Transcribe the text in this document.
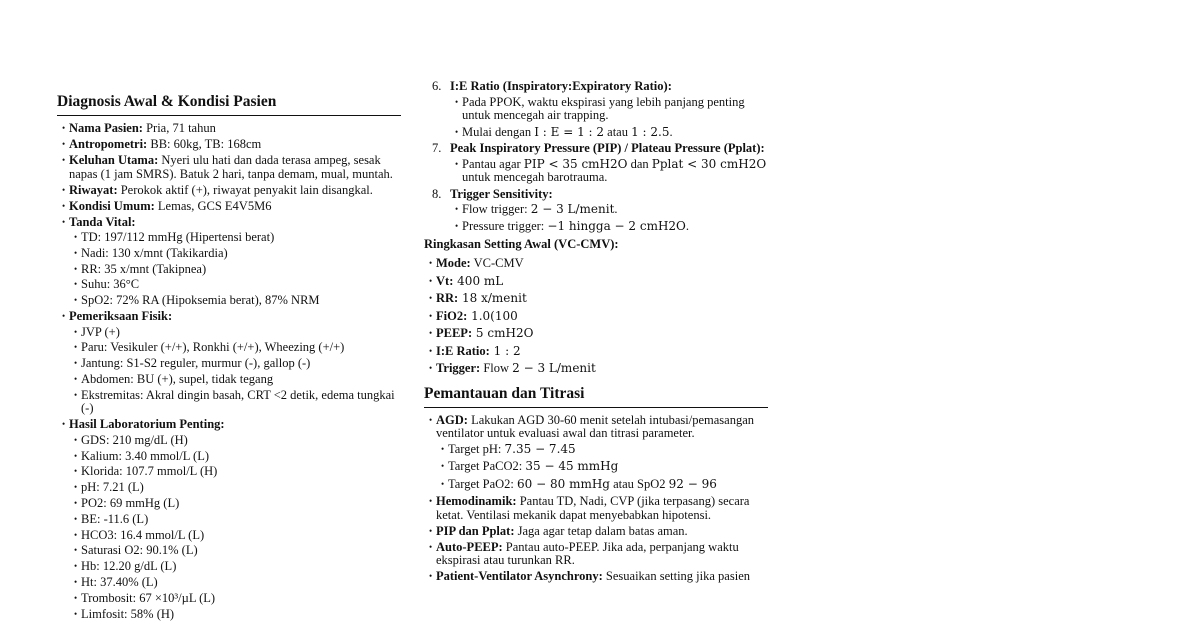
Diagnosis Awal & Kondisi Pasien
• Nama Pasien: Pria, 71 tahun
• Antropometri: BB: 60kg, TB: 168cm
• Keluhan Utama: Nyeri ulu hati dan dada terasa ampeg, sesak napas (1 jam SMRS). Batuk 2 hari, tanpa demam, mual, muntah.
• Riwayat: Perokok aktif (+), riwayat penyakit lain disangkal.
• Kondisi Umum: Lemas, GCS E4V5M6
• Tanda Vital:
• TD: 197/112 mmHg (Hipertensi berat)
• Nadi: 130 x/mnt (Takikardia)
• RR: 35 x/mnt (Takipnea)
• Suhu: 36°C
• SpO2: 72% RA (Hipoksemia berat), 87% NRM
• Pemeriksaan Fisik:
• JVP (+)
• Paru: Vesikuler (+/+), Ronkhi (+/+), Wheezing (+/+)
• Jantung: S1-S2 reguler, murmur (-), gallop (-)
• Abdomen: BU (+), supel, tidak tegang
• Ekstremitas: Akral dingin basah, CRT <2 detik, edema tungkai (-)
• Hasil Laboratorium Penting:
• GDS: 210 mg/dL (H)
• Kalium: 3.40 mmol/L (L)
• Klorida: 107.7 mmol/L (H)
• pH: 7.21 (L)
• PO2: 69 mmHg (L)
• BE: -11.6 (L)
• HCO3: 16.4 mmol/L (L)
• Saturasi O2: 90.1% (L)
• Hb: 12.20 g/dL (L)
• Ht: 37.40% (L)
• Trombosit: 67 ×10³/µL (L)
• Limfosit: 58% (H)
6. I:E Ratio (Inspiratory:Expiratory Ratio):
• Pada PPOK, waktu ekspirasi yang lebih panjang penting untuk mencegah air trapping.
• Mulai dengan I : E = 1 : 2 atau 1 : 2.5.
7. Peak Inspiratory Pressure (PIP) / Plateau Pressure (Pplat):
• Pantau agar PIP < 35 cmH2O dan Pplat < 30 cmH2O untuk mencegah barotrauma.
8. Trigger Sensitivity:
• Flow trigger: 2 − 3 L/menit.
• Pressure trigger: −1 hingga − 2 cmH2O.
Ringkasan Setting Awal (VC-CMV):
• Mode: VC-CMV
• Vt: 400 mL
• RR: 18 x/menit
• FiO2: 1.0(100
• PEEP: 5 cmH2O
• I:E Ratio: 1 : 2
• Trigger: Flow 2 − 3 L/menit
Pemantauan dan Titrasi
• AGD: Lakukan AGD 30-60 menit setelah intubasi/pemasangan ventilator untuk evaluasi awal dan titrasi parameter.
• Target pH: 7.35 − 7.45
• Target PaCO2: 35 − 45 mmHg
• Target PaO2: 60 − 80 mmHg atau SpO2 92 − 96
• Hemodinamik: Pantau TD, Nadi, CVP (jika terpasang) secara ketat. Ventilasi mekanik dapat menyebabkan hipotensi.
• PIP dan Pplat: Jaga agar tetap dalam batas aman.
• Auto-PEEP: Pantau auto-PEEP. Jika ada, perpanjang waktu ekspirasi atau turunkan RR.
• Patient-Ventilator Asynchrony: Sesuaikan setting jika pasien
